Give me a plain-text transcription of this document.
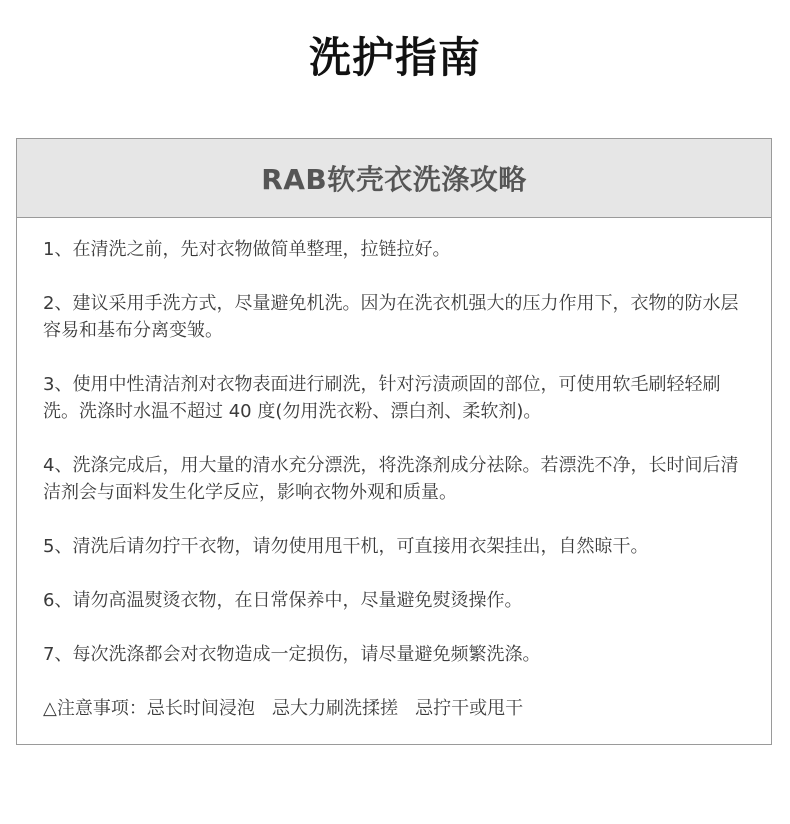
洗护指南
RAB软壳衣洗涤攻略

1、在清洗之前，先对衣物做简单整理，拉链拉好。

2、建议采用手洗方式，尽量避免机洗。因为在洗衣机强大的压力作用下，衣物的防水层容易和基布分离变皱。

3、使用中性清洁剂对衣物表面进行刷洗，针对污渍顽固的部位，可使用软毛刷轻轻刷洗。洗涤时水温不超过 40 度(勿用洗衣粉、漂白剂、柔软剂)。

4、洗涤完成后，用大量的清水充分漂洗，将洗涤剂成分祛除。若漂洗不净，长时间后清洁剂会与面料发生化学反应，影响衣物外观和质量。

5、清洗后请勿拧干衣物，请勿使用甩干机，可直接用衣架挂出，自然晾干。

6、请勿高温熨烫衣物，在日常保养中，尽量避免熨烫操作。

7、每次洗涤都会对衣物造成一定损伤，请尽量避免频繁洗涤。

△注意事项：忌长时间浸泡   忌大力刷洗揉搓   忌拧干或甩干
